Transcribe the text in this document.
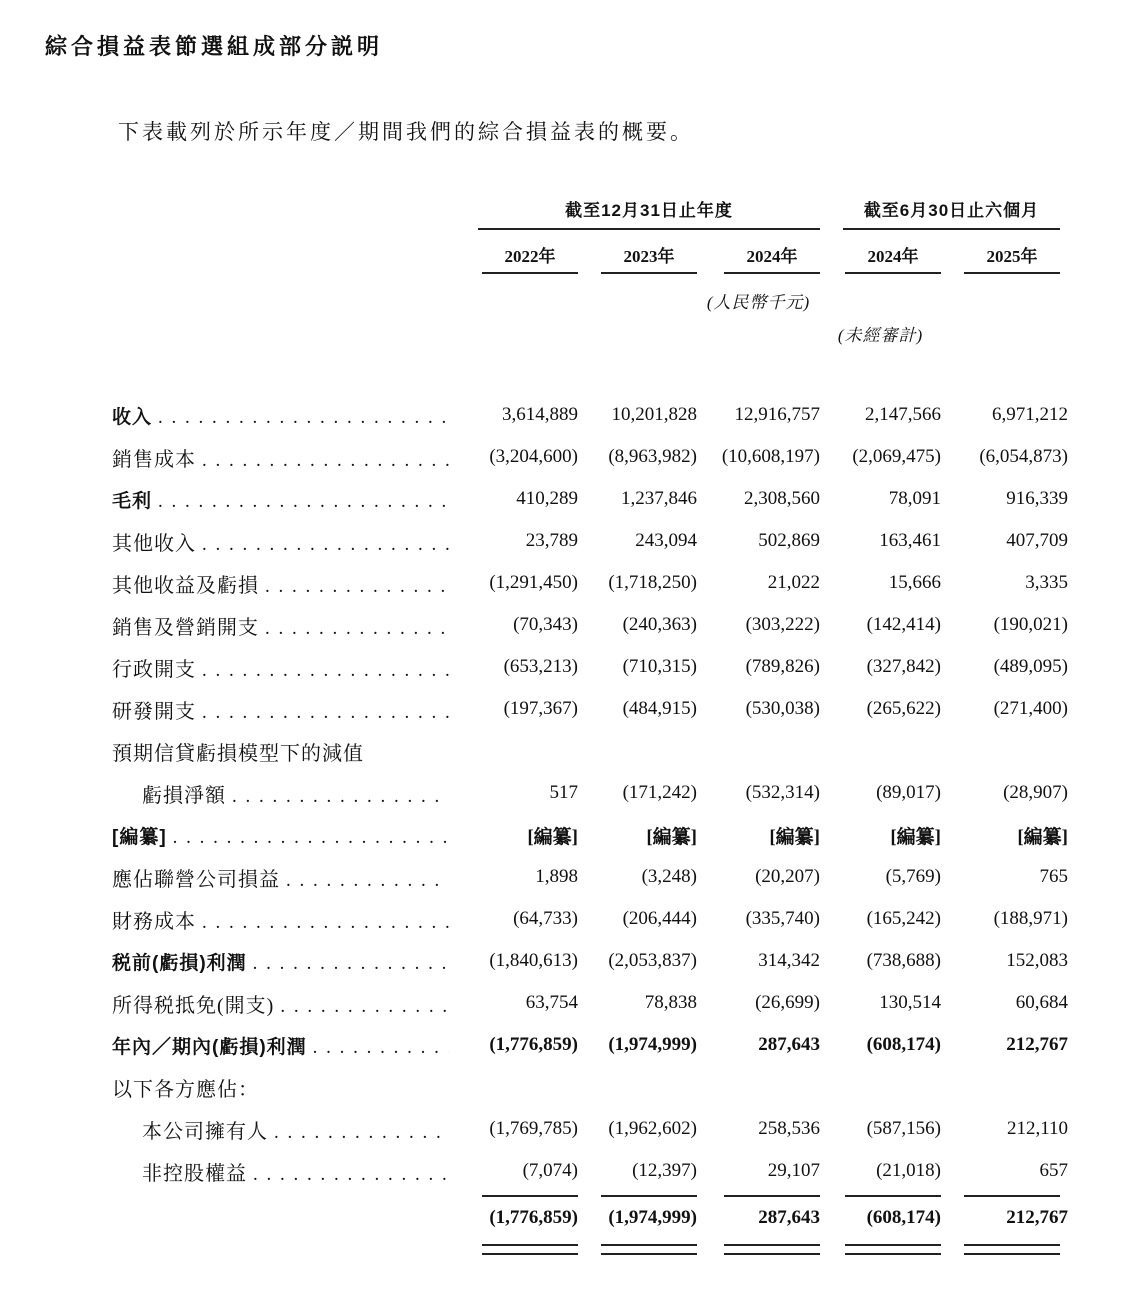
綜合損益表節選組成部分説明
下表載列於所示年度／期間我們的綜合損益表的概要。
截至12月31日止年度	截至6月30日止六個月
2022年	2023年	2024年	2024年	2025年
(人民幣千元)
(未經審計)
收入 . . .	3,614,889	10,201,828	12,916,757	2,147,566	6,971,212
銷售成本 . . .	(3,204,600)	(8,963,982)	(10,608,197)	(2,069,475)	(6,054,873)
毛利 . . .	410,289	1,237,846	2,308,560	78,091	916,339
其他收入 . . .	23,789	243,094	502,869	163,461	407,709
其他收益及虧損 . . .	(1,291,450)	(1,718,250)	21,022	15,666	3,335
銷售及營銷開支 . . .	(70,343)	(240,363)	(303,222)	(142,414)	(190,021)
行政開支 . . .	(653,213)	(710,315)	(789,826)	(327,842)	(489,095)
研發開支 . . .	(197,367)	(484,915)	(530,038)	(265,622)	(271,400)
預期信貸虧損模型下的減值
虧損淨額 . . .	517	(171,242)	(532,314)	(89,017)	(28,907)
[編纂] . . .	[編纂]	[編纂]	[編纂]	[編纂]	[編纂]
應佔聯營公司損益 . . .	1,898	(3,248)	(20,207)	(5,769)	765
財務成本 . . .	(64,733)	(206,444)	(335,740)	(165,242)	(188,971)
税前(虧損)利潤 . . .	(1,840,613)	(2,053,837)	314,342	(738,688)	152,083
所得税抵免(開支) . . .	63,754	78,838	(26,699)	130,514	60,684
年內／期內(虧損)利潤 . . .	(1,776,859)	(1,974,999)	287,643	(608,174)	212,767
以下各方應佔：
本公司擁有人 . . .	(1,769,785)	(1,962,602)	258,536	(587,156)	212,110
非控股權益 . . .	(7,074)	(12,397)	29,107	(21,018)	657
(1,776,859)	(1,974,999)	287,643	(608,174)	212,767
